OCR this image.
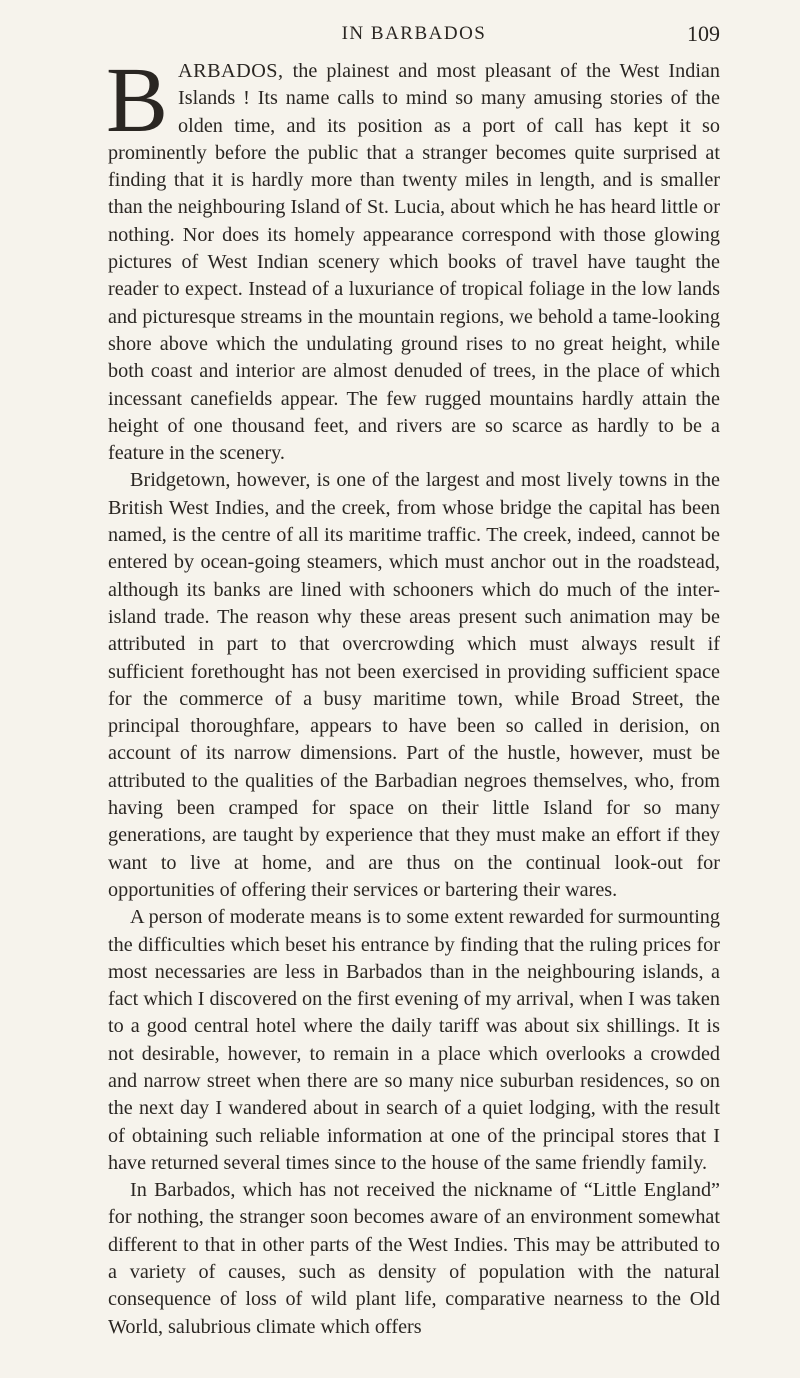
IN BARBADOS	109

BARBADOS, the plainest and most pleasant of the West Indian Islands ! Its name calls to mind so many amusing stories of the olden time, and its position as a port of call has kept it so prominently before the public that a stranger becomes quite surprised at finding that it is hardly more than twenty miles in length, and is smaller than the neighbouring Island of St. Lucia, about which he has heard little or nothing. Nor does its homely appearance correspond with those glowing pictures of West Indian scenery which books of travel have taught the reader to expect. Instead of a luxuriance of tropical foliage in the low lands and picturesque streams in the mountain regions, we behold a tame-looking shore above which the undulating ground rises to no great height, while both coast and interior are almost denuded of trees, in the place of which incessant canefields appear. The few rugged mountains hardly attain the height of one thousand feet, and rivers are so scarce as hardly to be a feature in the scenery.

Bridgetown, however, is one of the largest and most lively towns in the British West Indies, and the creek, from whose bridge the capital has been named, is the centre of all its maritime traffic. The creek, indeed, cannot be entered by ocean-going steamers, which must anchor out in the roadstead, although its banks are lined with schooners which do much of the inter-island trade. The reason why these areas present such animation may be attributed in part to that overcrowding which must always result if sufficient forethought has not been exercised in providing sufficient space for the commerce of a busy maritime town, while Broad Street, the principal thoroughfare, appears to have been so called in derision, on account of its narrow dimensions. Part of the hustle, however, must be attributed to the qualities of the Barbadian negroes themselves, who, from having been cramped for space on their little Island for so many generations, are taught by experience that they must make an effort if they want to live at home, and are thus on the continual look-out for opportunities of offering their services or bartering their wares.

A person of moderate means is to some extent rewarded for surmounting the difficulties which beset his entrance by finding that the ruling prices for most necessaries are less in Barbados than in the neighbouring islands, a fact which I discovered on the first evening of my arrival, when I was taken to a good central hotel where the daily tariff was about six shillings. It is not desirable, however, to remain in a place which overlooks a crowded and narrow street when there are so many nice suburban residences, so on the next day I wandered about in search of a quiet lodging, with the result of obtaining such reliable information at one of the principal stores that I have returned several times since to the house of the same friendly family.

In Barbados, which has not received the nickname of “Little England” for nothing, the stranger soon becomes aware of an environment somewhat different to that in other parts of the West Indies. This may be attributed to a variety of causes, such as density of population with the natural consequence of loss of wild plant life, comparative nearness to the Old World, salubrious climate which offers
